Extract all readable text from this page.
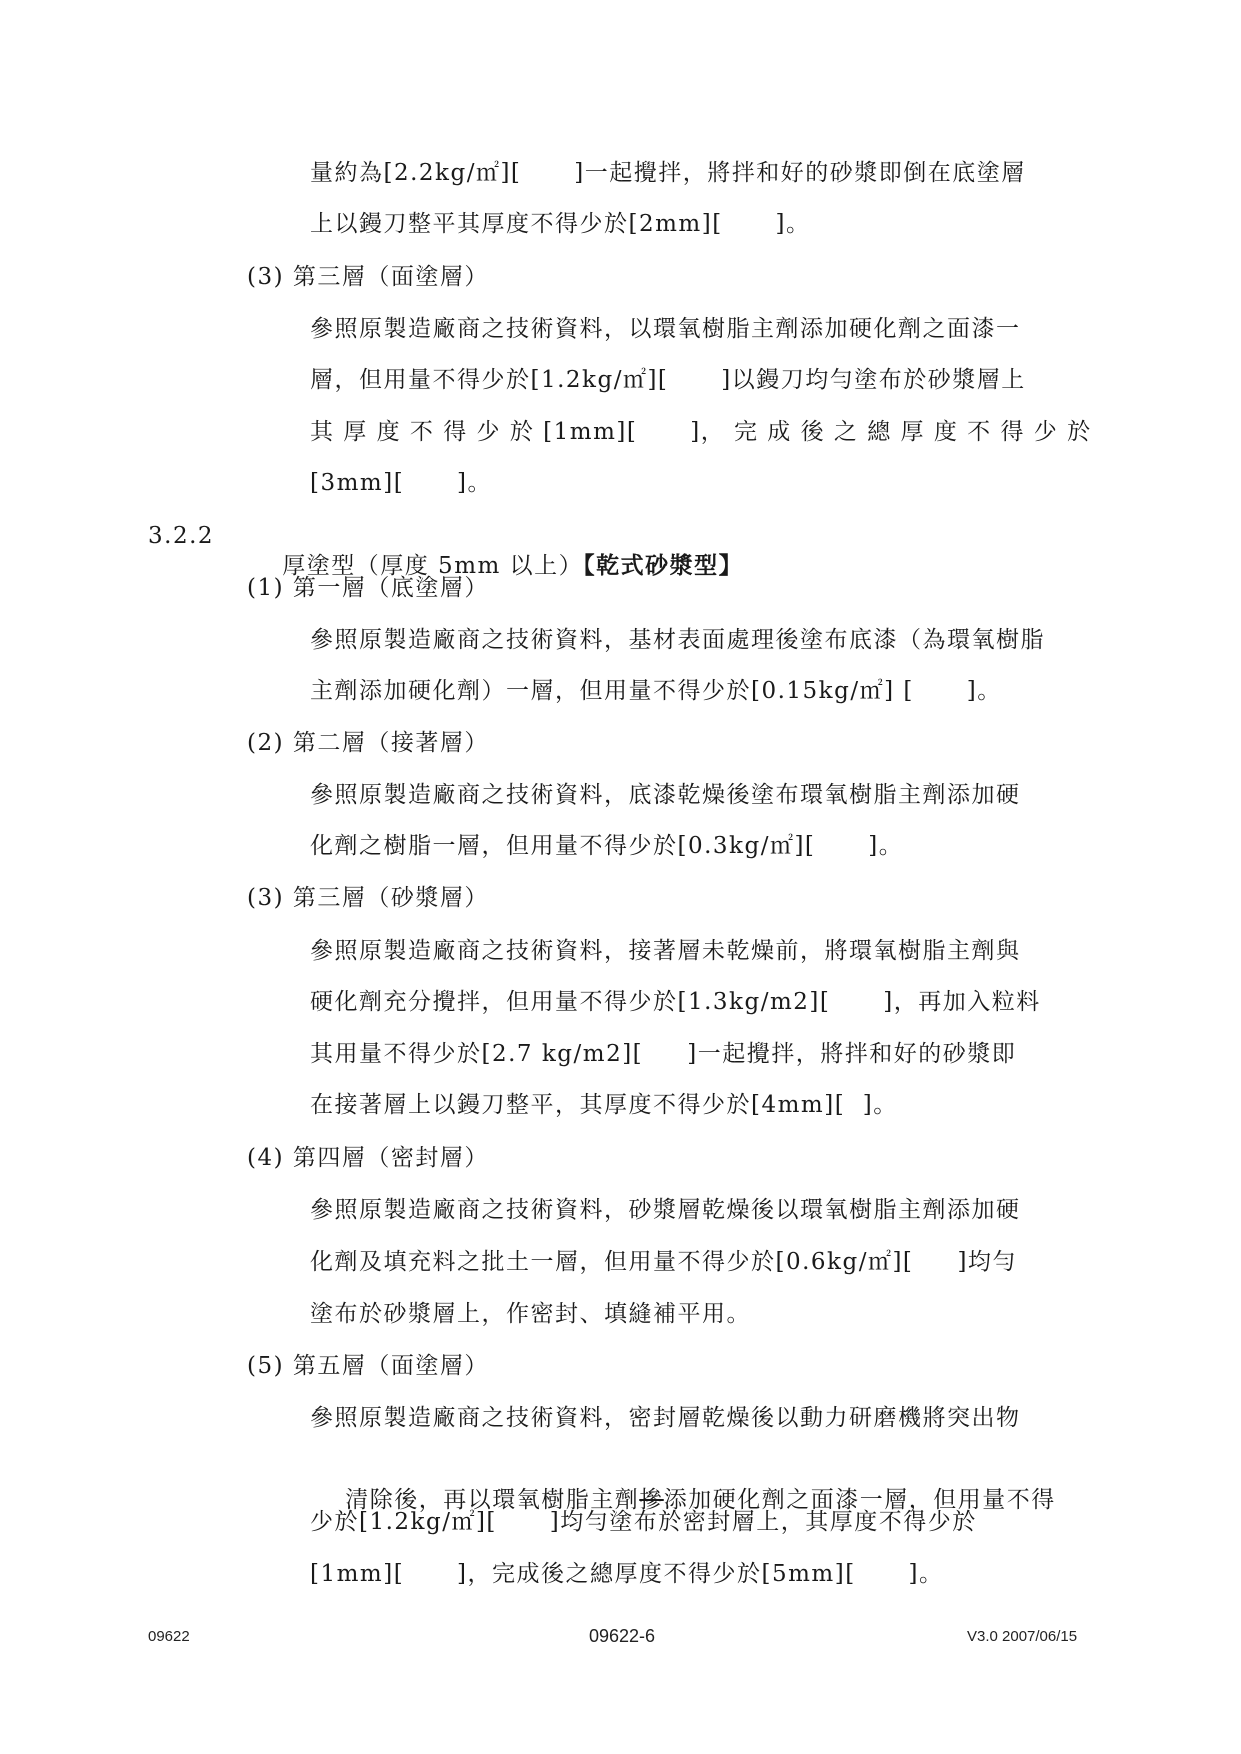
量約為[2.2kg/㎡][      ]一起攪拌，將拌和好的砂漿即倒在底塗層
上以鏝刀整平其厚度不得少於[2mm][      ]。
(3) 第三層（面塗層）
參照原製造廠商之技術資料，以環氧樹脂主劑添加硬化劑之面漆一
層，但用量不得少於[1.2kg/㎡][      ]以鏝刀均勻塗布於砂漿層上
其 厚 度 不 得 少 於 [1mm][      ]， 完 成 後 之 總 厚 度 不 得 少 於
[3mm][      ]。
3.2.2

厚塗型（厚度 5mm 以上）【乾式砂漿型】

(1) 第一層（底塗層）
參照原製造廠商之技術資料，基材表面處理後塗布底漆（為環氧樹脂
主劑添加硬化劑）一層，但用量不得少於[0.15kg/㎡] [      ]。
(2) 第二層（接著層）
參照原製造廠商之技術資料，底漆乾燥後塗布環氧樹脂主劑添加硬
化劑之樹脂一層，但用量不得少於[0.3kg/㎡][      ]。
(3) 第三層（砂漿層）
參照原製造廠商之技術資料，接著層未乾燥前，將環氧樹脂主劑與
硬化劑充分攪拌，但用量不得少於[1.3kg/m2][      ]，再加入粒料
其用量不得少於[2.7 kg/m2][     ]一起攪拌，將拌和好的砂漿即
在接著層上以鏝刀整平，其厚度不得少於[4mm][  ]。
(4) 第四層（密封層）
參照原製造廠商之技術資料，砂漿層乾燥後以環氧樹脂主劑添加硬
化劑及填充料之批土一層，但用量不得少於[0.6kg/㎡][     ]均勻
塗布於砂漿層上，作密封、填縫補平用。
(5) 第五層（面塗層）
參照原製造廠商之技術資料，密封層乾燥後以動力研磨機將突出物

清除後，再以環氧樹脂主劑摻添加硬化劑之面漆一層，但用量不得

少於[1.2kg/㎡][      ]均勻塗布於密封層上，其厚度不得少於
[1mm][      ]，完成後之總厚度不得少於[5mm][      ]。
09622	09622-6	V3.0 2007/06/15
